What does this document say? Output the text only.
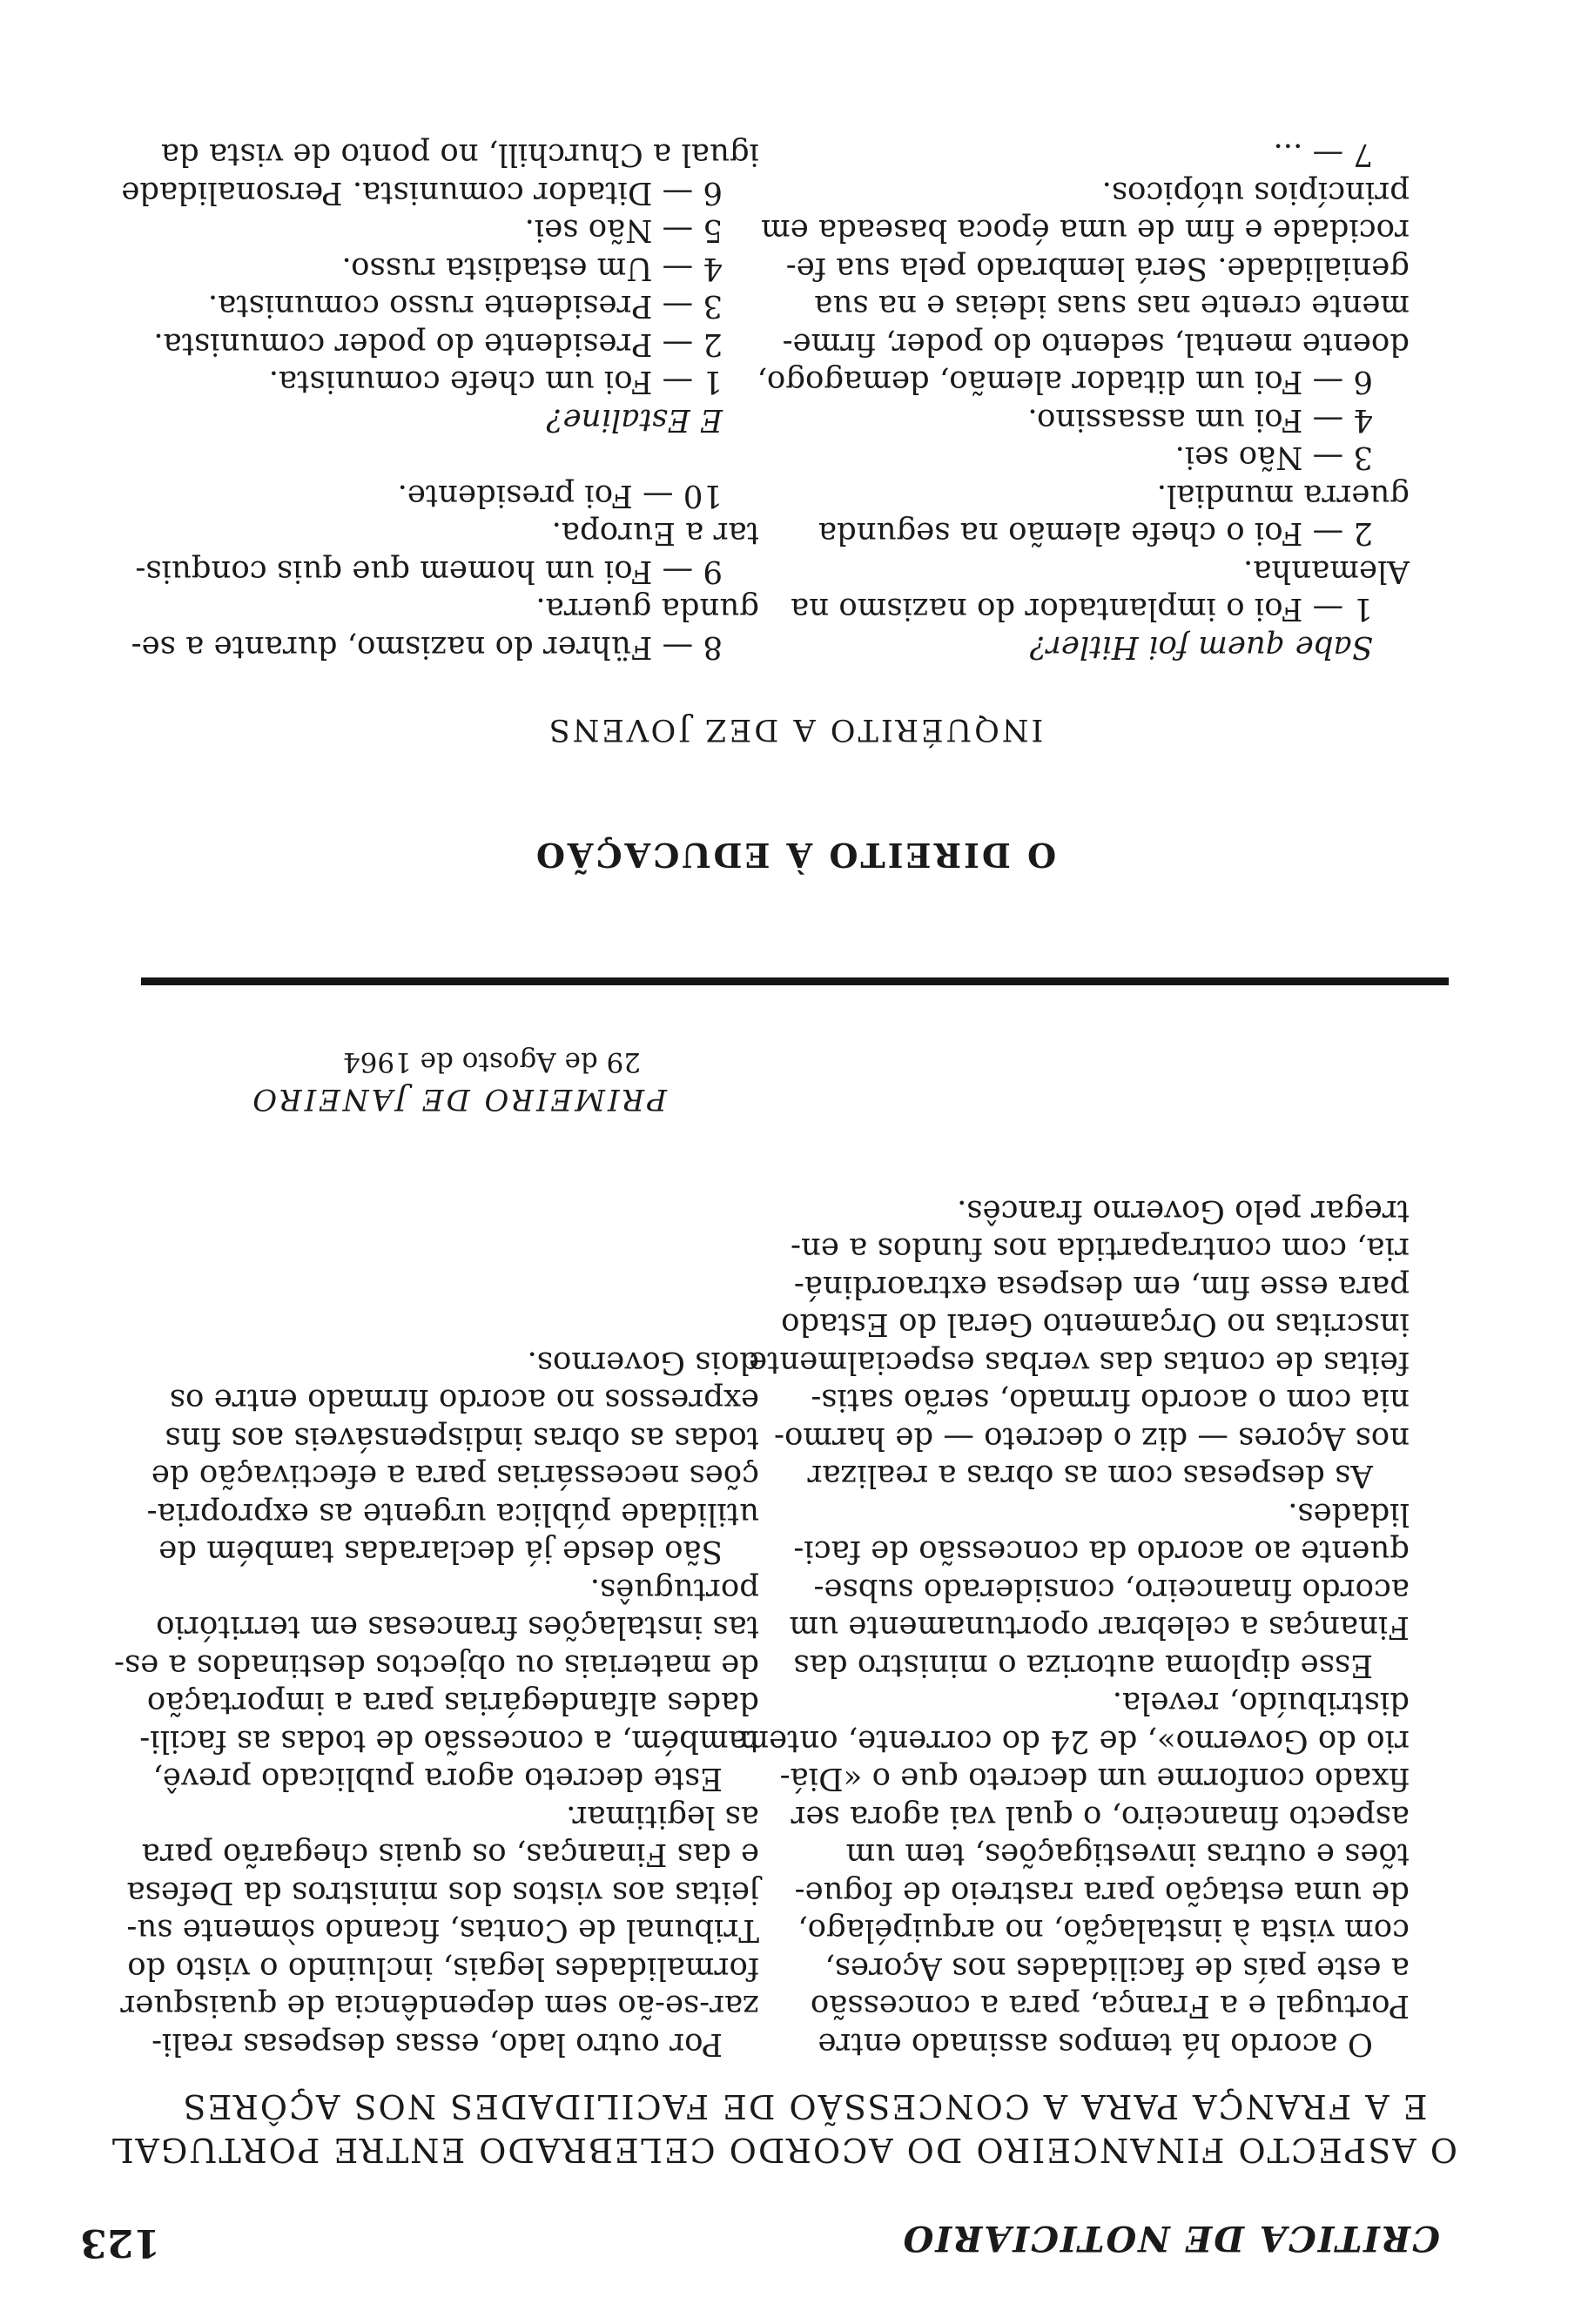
CRITICA DE NOTICIARIO
123
O ASPECTO FINANCEIRO DO ACORDO CELEBRADO ENTRE PORTUGAL
E A FRANÇA PARA A CONCESSÃO DE FACILIDADES NOS AÇÔRES
O acordo há tempos assinado entre
Portugal e a França, para a concessão
a este país de facilidades nos Açores,
com vista à instalação, no arquipélago,
de uma estação para rastreio de fogue-
tões e outras investigações, tem um
aspecto financeiro, o qual vai agora ser
fixado conforme um decreto que o «Diá-
rio do Governo», de 24 do corrente, ontem
distribuído, revela.
Esse diploma autoriza o ministro das
Finanças a celebrar oportunamente um
acordo financeiro, considerado subse-
quente ao acordo da concessão de faci-
lidades.
As despesas com as obras a realizar
nos Açores — diz o decreto — de harmo-
nia com o acordo firmado, serão satis-
feitas de contas das verbas especialmente
inscritas no Orçamento Geral do Estado
para esse fim, em despesa extraordiná-
ria, com contrapartida nos fundos a en-
tregar pelo Governo francês.
Por outro lado, essas despesas reali-
zar-se-ão sem dependência de quaisquer
formalidades legais, incluindo o visto do
Tribunal de Contas, ficando sòmente su-
jeitas aos vistos dos ministros da Defesa
e das Finanças, os quais chegarão para
as legitimar.
Este decreto agora publicado prevê,
também, a concessão de todas as facili-
dades alfandegárias para a importação
de materiais ou objectos destinados a es-
tas instalações francesas em território
português.
São desde já declaradas também de
utilidade pública urgente as expropria-
ções necessárias para a efectivação de
todas as obras indispensáveis aos fins
expressos no acordo firmado entre os
dois Governos.
PRIMEIRO DE JANEIRO
29 de Agosto de 1964
O DIREITO À EDUCAÇÃO
INQUÉRITO A DEZ JOVENS
Sabe quem foi Hitler?
1 — Foi o implantador do nazismo na
Alemanha.
2 — Foi o chefe alemão na segunda
guerra mundial.
3 — Não sei.
4 — Foi um assassino.
6 — Foi um ditador alemão, demagogo,
doente mental, sedento do poder, firme-
mente crente nas suas ideias e na sua
genialidade. Será lembrado pela sua fe-
rocidade e fim de uma época baseada em
princípios utópicos.
7 — ...
8 — Führer do nazismo, durante a se-
gunda guerra.
9 — Foi um homem que quis conquis-
tar a Europa.
10 — Foi presidente.
E Estaline?
1 — Foi um chefe comunista.
2 — Presidente do poder comunista.
3 — Presidente russo comunista.
4 — Um estadista russo.
5 — Não sei.
6 — Ditador comunista. Personalidade
igual a Churchill, no ponto de vista da
